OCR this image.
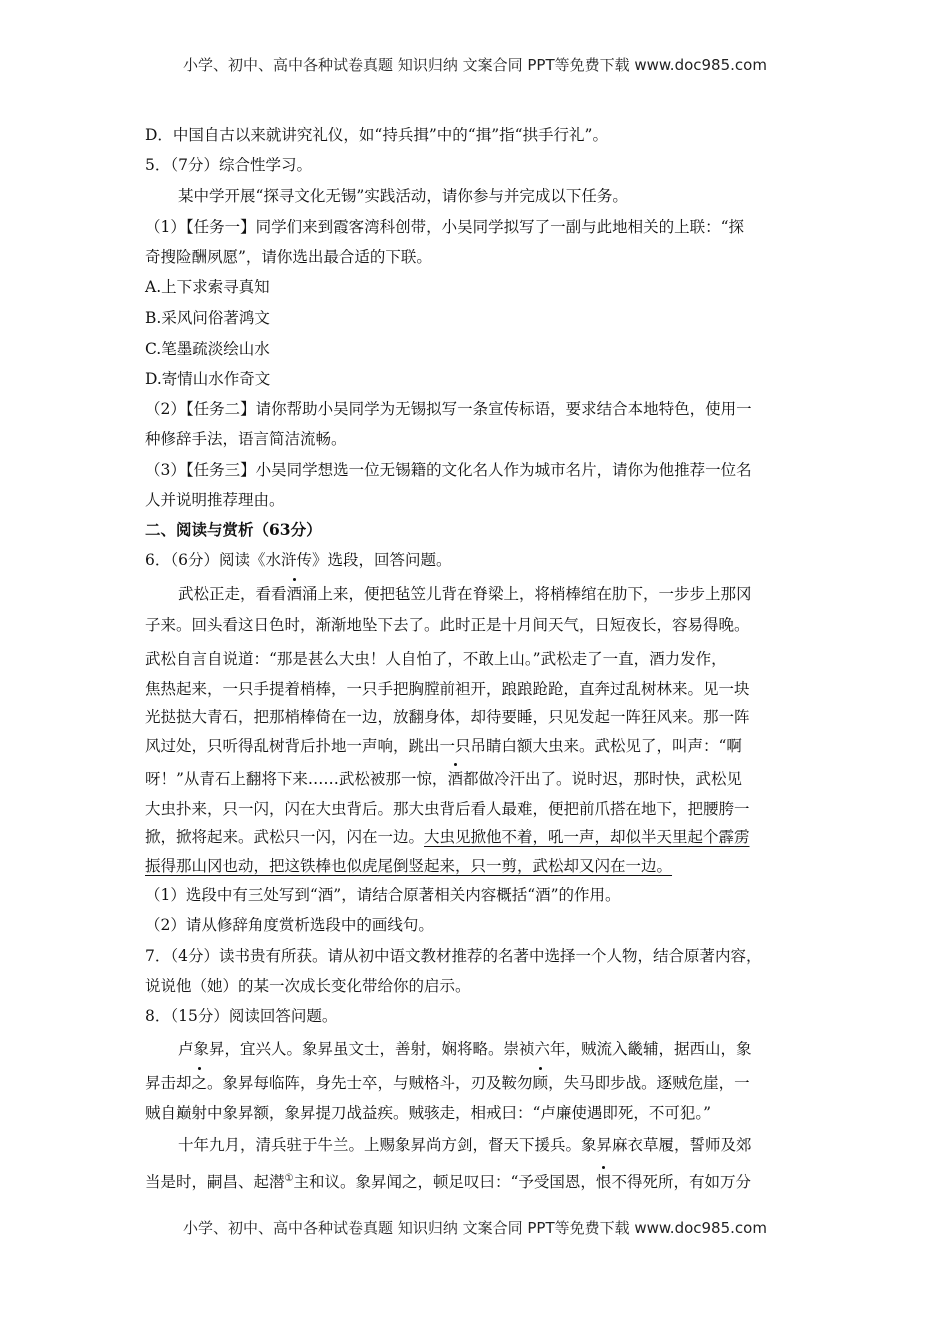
小学、初中、高中各种试卷真题 知识归纳 文案合同 PPT等免费下载 www.doc985.com
D．中国自古以来就讲究礼仪，如“持兵揖”中的“揖”指“拱手行礼”。
5．（7分）综合性学习。
某中学开展“探寻文化无锡”实践活动，请你参与并完成以下任务。
（1）【任务一】同学们来到霞客湾科创带，小吴同学拟写了一副与此地相关的上联：“探
奇搜险酬夙愿”，请你选出最合适的下联。
A.上下求索寻真知
B.采风问俗著鸿文
C.笔墨疏淡绘山水
D.寄情山水作奇文
（2）【任务二】请你帮助小吴同学为无锡拟写一条宣传标语，要求结合本地特色，使用一
种修辞手法，语言简洁流畅。
（3）【任务三】小吴同学想选一位无锡籍的文化名人作为城市名片，请你为他推荐一位名
人并说明推荐理由。
二、阅读与赏析（63分）
6．（6分）阅读《水浒传》选段，回答问题。
武松正走，看看酒涌上来，便把毡笠儿背在脊梁上，将梢棒绾在肋下，一步步上那冈
子来。回头看这日色时，渐渐地坠下去了。此时正是十月间天气，日短夜长，容易得晚。
武松自言自说道：“那是甚么大虫！人自怕了，不敢上山。”武松走了一直，酒力发作，
焦热起来，一只手提着梢棒，一只手把胸膛前袒开，踉踉跄跄，直奔过乱树林来。见一块
光挞挞大青石，把那梢棒倚在一边，放翻身体，却待要睡，只见发起一阵狂风来。那一阵
风过处，只听得乱树背后扑地一声响，跳出一只吊睛白额大虫来。武松见了，叫声：“啊
呀！”从青石上翻将下来……武松被那一惊，酒都做冷汗出了。说时迟，那时快，武松见
大虫扑来，只一闪，闪在大虫背后。那大虫背后看人最难，便把前爪搭在地下，把腰胯一
掀，掀将起来。武松只一闪，闪在一边。大虫见掀他不着，吼一声，却似半天里起个霹雳
振得那山冈也动，把这铁棒也似虎尾倒竖起来，只一剪，武松却又闪在一边。
（1）选段中有三处写到“酒”，请结合原著相关内容概括“酒”的作用。
（2）请从修辞角度赏析选段中的画线句。
7．（4分）读书贵有所获。请从初中语文教材推荐的名著中选择一个人物，结合原著内容，
说说他（她）的某一次成长变化带给你的启示。
8．（15分）阅读回答问题。
卢象昇，宜兴人。象昇虽文士，善射，娴将略。崇祯六年，贼流入畿辅，据西山，象
昇击却之。象昇每临阵，身先士卒，与贼格斗，刃及鞍勿顾，失马即步战。逐贼危崖，一
贼自巅射中象昇额，象昇提刀战益疾。贼骇走，相戒曰：“卢廉使遇即死，不可犯。”
十年九月，清兵驻于牛兰。上赐象昇尚方剑，督天下援兵。象昇麻衣草履，誓师及郊
当是时，嗣昌、起潜①主和议。象昇闻之，顿足叹曰：“予受国恩，恨不得死所，有如万分
小学、初中、高中各种试卷真题 知识归纳 文案合同 PPT等免费下载 www.doc985.com
